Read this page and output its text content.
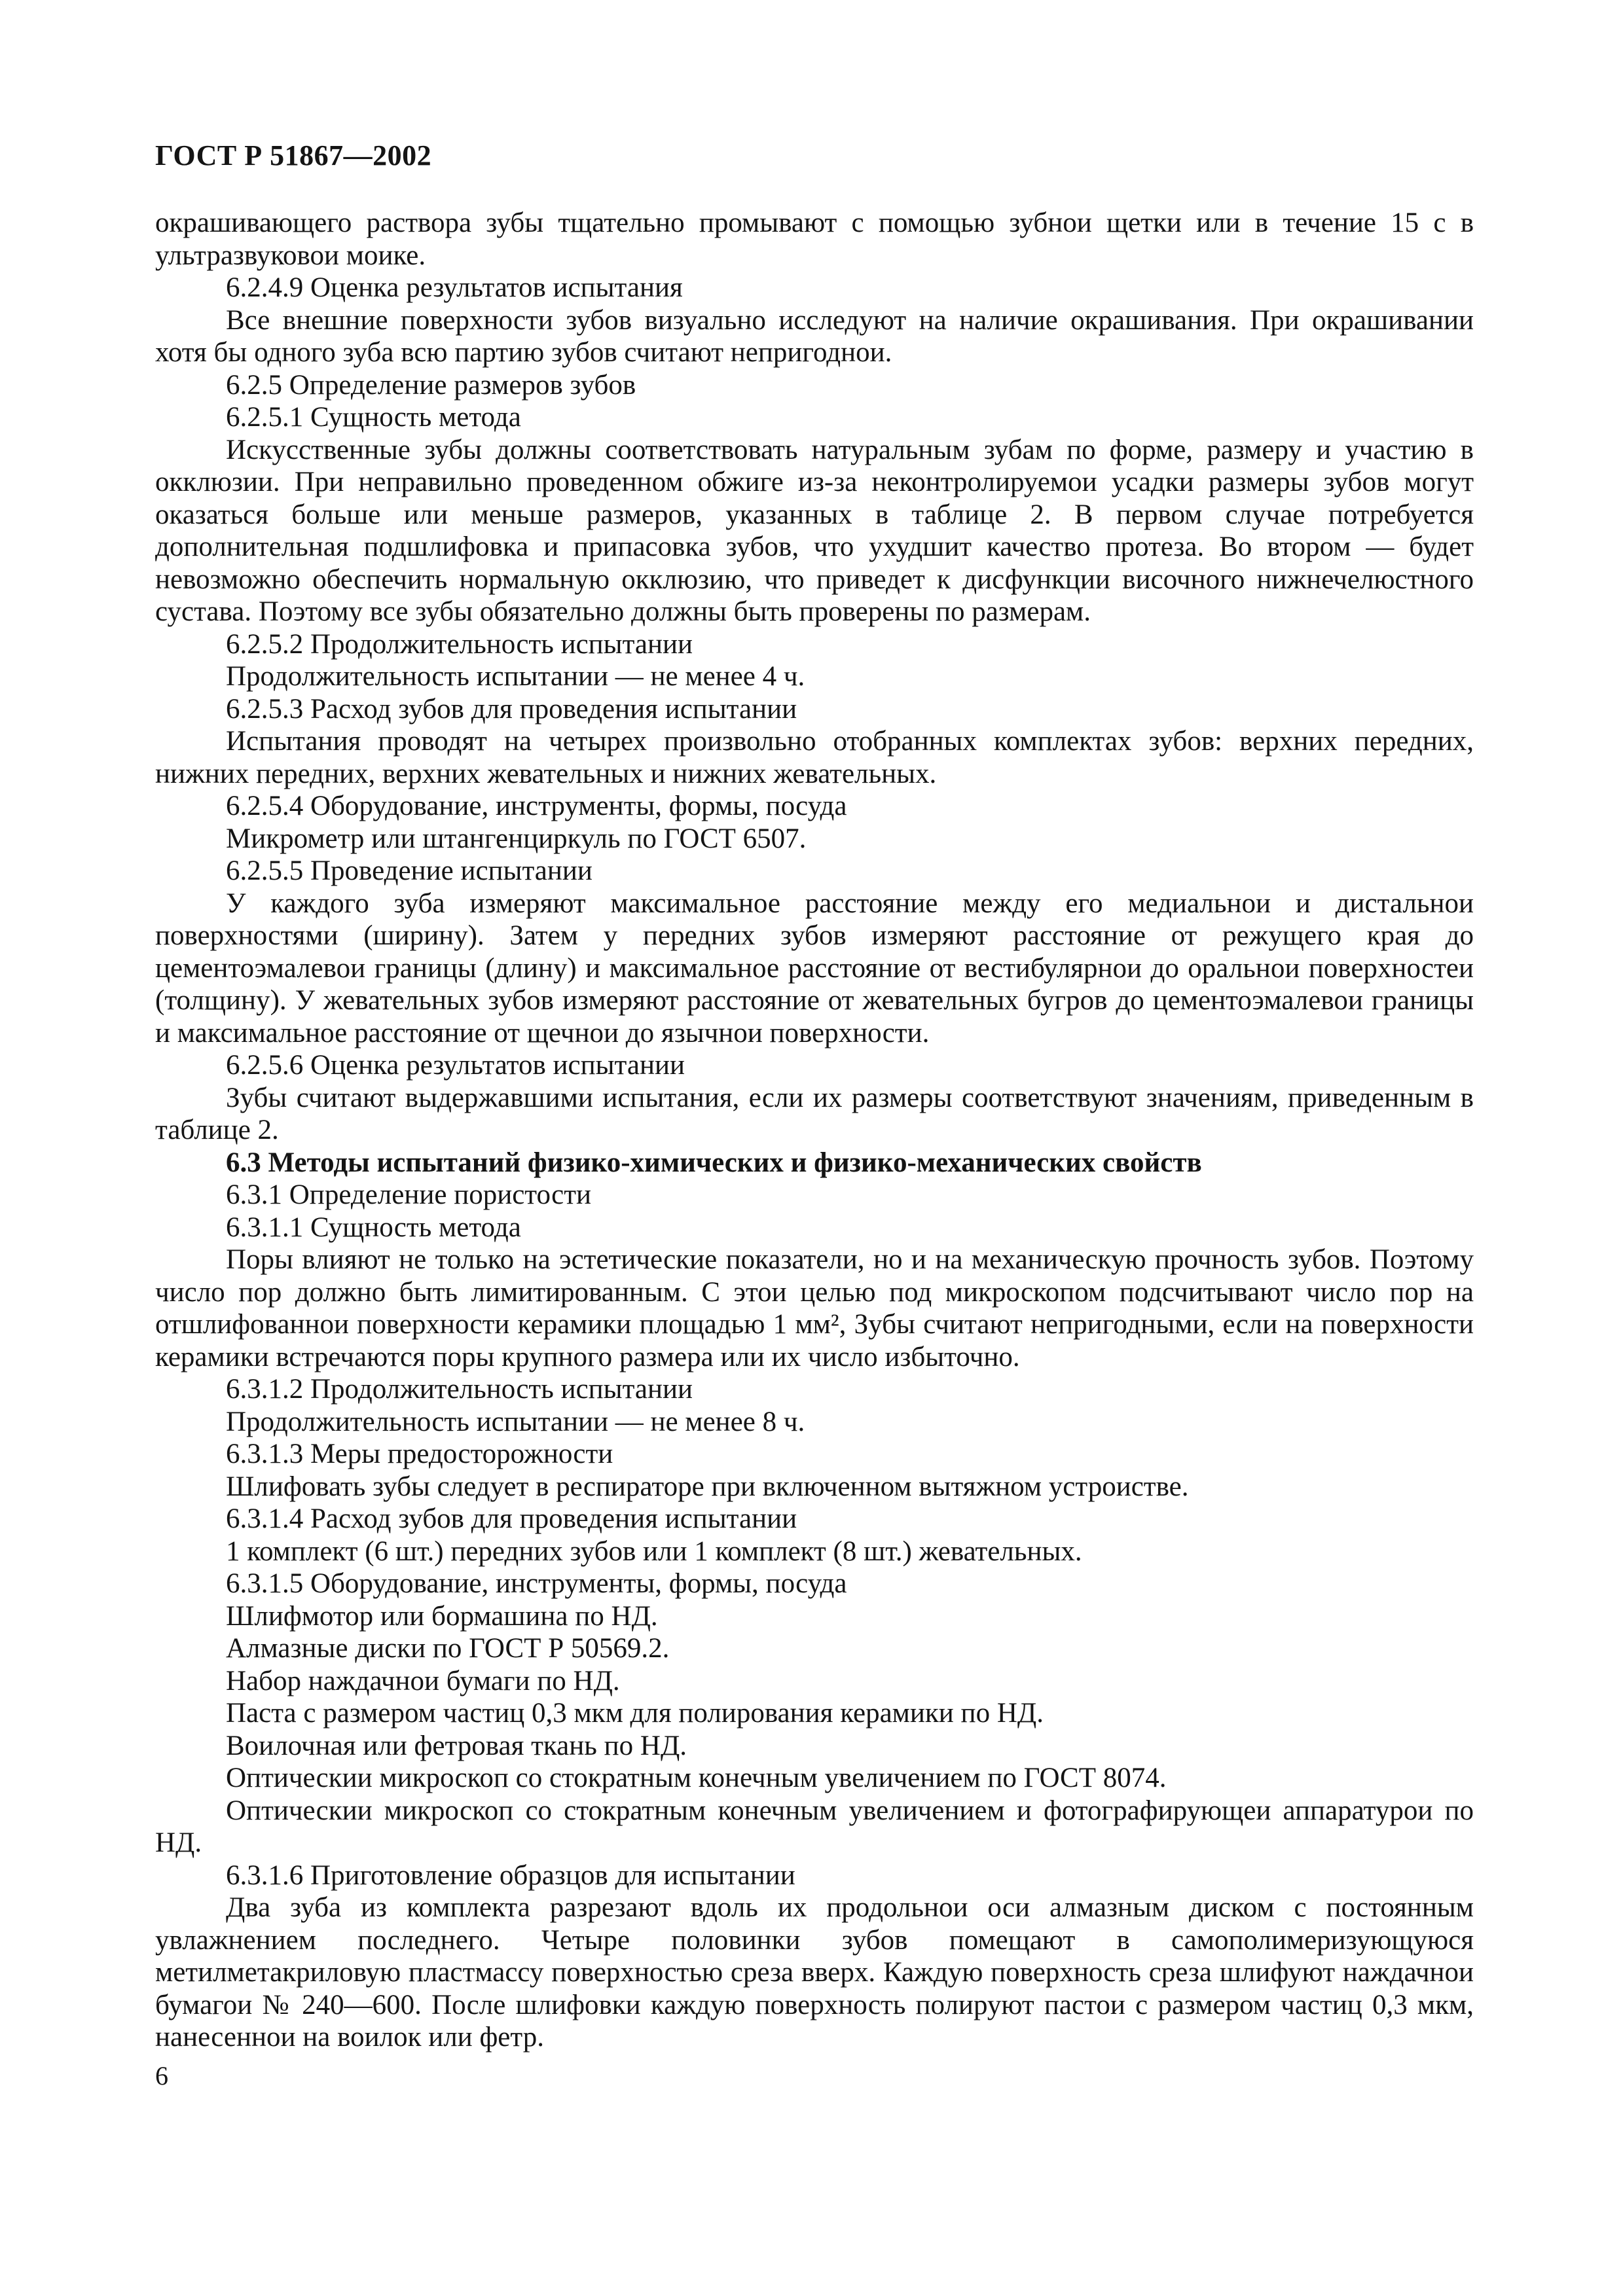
ГОСТ Р 51867—2002

окрашивающего раствора зубы тщательно промывают с помощью зубнои щетки или в течение 15 с в ультразвуковои моике.

6.2.4.9 Оценка результатов испытания

Все внешние поверхности зубов визуально исследуют на наличие окрашивания. При окрашивании хотя бы одного зуба всю партию зубов считают непригоднои.

6.2.5 Определение размеров зубов

6.2.5.1 Сущность метода

Искусственные зубы должны соответствовать натуральным зубам по форме, размеру и участию в окклюзии. При неправильно проведенном обжиге из-за неконтролируемои усадки размеры зубов могут оказаться больше или меньше размеров, указанных в таблице 2. В первом случае потребуется дополнительная подшлифовка и припасовка зубов, что ухудшит качество протеза. Во втором — будет невозможно обеспечить нормальную окклюзию, что приведет к дисфункции височного нижнечелюстного сустава. Поэтому все зубы обязательно должны быть проверены по размерам.

6.2.5.2 Продолжительность испытании

Продолжительность испытании — не менее 4 ч.

6.2.5.3 Расход зубов для проведения испытании

Испытания проводят на четырех произвольно отобранных комплектах зубов: верхних передних, нижних передних, верхних жевательных и нижних жевательных.

6.2.5.4 Оборудование, инструменты, формы, посуда

Микрометр или штангенциркуль по ГОСТ 6507.

6.2.5.5 Проведение испытании

У каждого зуба измеряют максимальное расстояние между его медиальнои и дистальнои поверхностями (ширину). Затем у передних зубов измеряют расстояние от режущего края до цементоэмалевои границы (длину) и максимальное расстояние от вестибулярнои до оральнои поверхностеи (толщину). У жевательных зубов измеряют расстояние от жевательных бугров до цементоэмалевои границы и максимальное расстояние от щечнои до язычнои поверхности.

6.2.5.6 Оценка результатов испытании

Зубы считают выдержавшими испытания, если их размеры соответствуют значениям, приведенным в таблице 2.

6.3 Методы испытаний физико-химических и физико-механических свойств

6.3.1 Определение пористости

6.3.1.1 Сущность метода

Поры влияют не только на эстетические показатели, но и на механическую прочность зубов. Поэтому число пор должно быть лимитированным. С этои целью под микроскопом подсчитывают число пор на отшлифованнои поверхности керамики площадью 1 мм², Зубы считают непригодными, если на поверхности керамики встречаются поры крупного размера или их число избыточно.

6.3.1.2 Продолжительность испытании

Продолжительность испытании — не менее 8 ч.

6.3.1.3 Меры предосторожности

Шлифовать зубы следует в респираторе при включенном вытяжном устроистве.

6.3.1.4 Расход зубов для проведения испытании

1 комплект (6 шт.) передних зубов или 1 комплект (8 шт.) жевательных.

6.3.1.5 Оборудование, инструменты, формы, посуда

Шлифмотор или бормашина по НД.

Алмазные диски по ГОСТ Р 50569.2.

Набор наждачнои бумаги по НД.

Паста с размером частиц 0,3 мкм для полирования керамики по НД.

Воилочная или фетровая ткань по НД.

Оптическии микроскоп со стократным конечным увеличением по ГОСТ 8074.

Оптическии микроскоп со стократным конечным увеличением и фотографирующеи аппаратурои по НД.

6.3.1.6 Приготовление образцов для испытании

Два зуба из комплекта разрезают вдоль их продольнои оси алмазным диском с постоянным увлажнением последнего. Четыре половинки зубов помещают в самополимеризующуюся метилметакриловую пластмассу поверхностью среза вверх. Каждую поверхность среза шлифуют наждачнои бумагои № 240—600. После шлифовки каждую поверхность полируют пастои с размером частиц 0,3 мкм, нанесеннои на воилок или фетр.

6
